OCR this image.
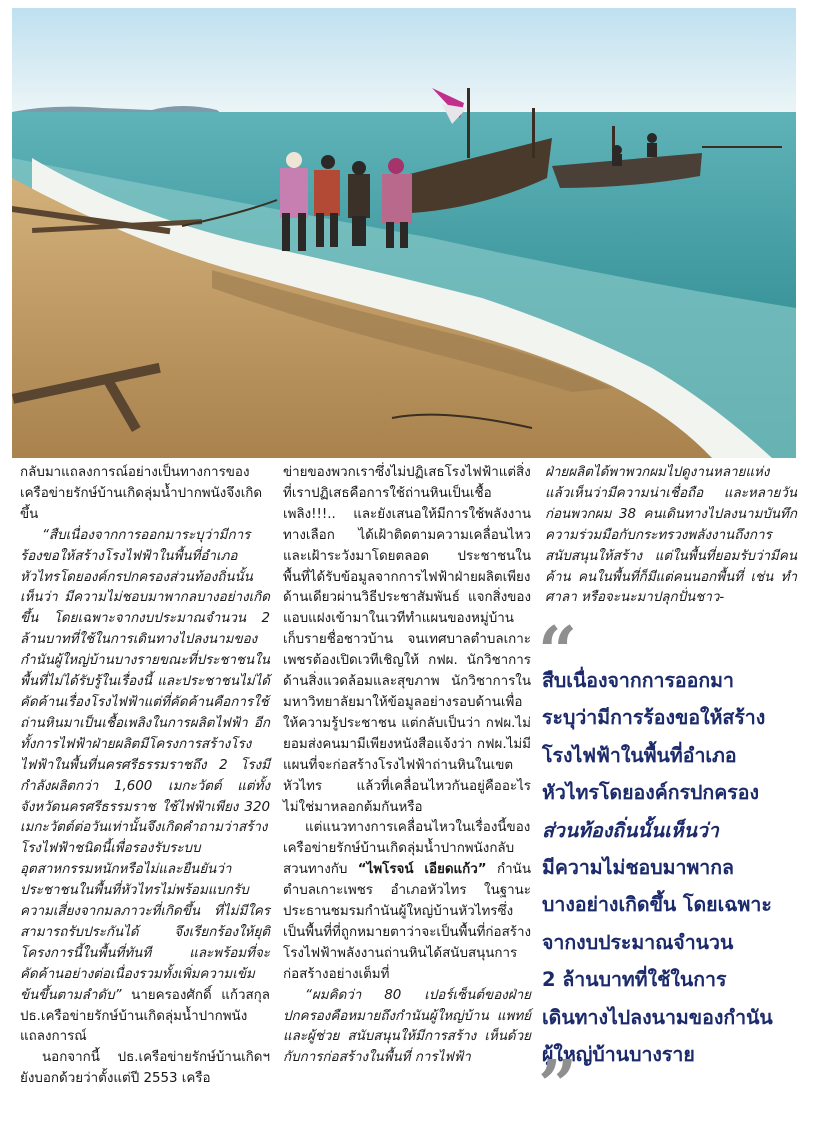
กลับมาแถลงการณ์อย่างเป็นทางการของเครือข่ายรักษ์บ้านเกิดลุ่มน้ำปากพนังจึงเกิดขึ้น

“สืบเนื่องจากการออกมาระบุว่ามีการร้องขอให้สร้างโรงไฟฟ้าในพื้นที่อำเภอหัวไทรโดยองค์กรปกครองส่วนท้องถิ่นนั้นเห็นว่า มีความไม่ชอบมาพากลบางอย่างเกิดขึ้น โดยเฉพาะจากงบประมาณจำนวน 2 ล้านบาทที่ใช้ในการเดินทางไปลงนามของกำนันผู้ใหญ่บ้านบางรายขณะที่ประชาชนในพื้นที่ไม่ได้รับรู้ในเรื่องนี้ และประชาชนไม่ได้คัดค้านเรื่องโรงไฟฟ้าแต่ที่คัดค้านคือการใช้ถ่านหินมาเป็นเชื้อเพลิงในการผลิตไฟฟ้า อีกทั้งการไฟฟ้าฝ่ายผลิตมีโครงการสร้างโรงไฟฟ้าในพื้นที่นครศรีธรรมราชถึง 2 โรงมีกำลังผลิตกว่า 1,600 เมกะวัตต์ แต่ทั้งจังหวัดนครศรีธรรมราช ใช้ไฟฟ้าเพียง 320 เมกะวัตต์ต่อวันเท่านั้นจึงเกิดคำถามว่าสร้างโรงไฟฟ้าชนิดนี้เพื่อรองรับระบบอุตสาหกรรมหนักหรือไม่และยืนยันว่าประชาชนในพื้นที่หัวไทรไม่พร้อมแบกรับความเสี่ยงจากมลภาวะที่เกิดขึ้น ที่ไม่มีใครสามารถรับประกันได้ จึงเรียกร้องให้ยุติโครงการนี้ในพื้นที่ทันที และพร้อมที่จะคัดค้านอย่างต่อเนื่องรวมทั้งเพิ่มความเข้มข้นขึ้นตามลำดับ” นายครองศักดิ์ แก้วสกุล ปธ.เครือข่ายรักษ์บ้านเกิดลุ่มน้ำปากพนังแถลงการณ์

นอกจากนี้ ปธ.เครือข่ายรักษ์บ้านเกิดฯ ยังบอกด้วยว่าตั้งแต่ปี 2553 เครือ

ข่ายของพวกเราซึ่งไม่ปฏิเสธโรงไฟฟ้าแต่สิ่งที่เราปฏิเสธคือการใช้ถ่านหินเป็นเชื้อเพลิง!!!.. และยังเสนอให้มีการใช้พลังงานทางเลือก ได้เฝ้าติดตามความเคลื่อนไหวและเฝ้าระวังมาโดยตลอด ประชาชนในพื้นที่ได้รับข้อมูลจากการไฟฟ้าฝ่ายผลิตเพียงด้านเดียวผ่านวิธีประชาสัมพันธ์ แจกสิ่งของแอบแฝงเข้ามาในเวทีทำแผนของหมู่บ้านเก็บรายชื่อชาวบ้าน จนเทศบาลตำบลเกาะเพชรต้องเปิดเวทีเชิญให้ กฟผ. นักวิชาการด้านสิ่งแวดล้อมและสุขภาพ นักวิชาการในมหาวิทยาลัยมาให้ข้อมูลอย่างรอบด้านเพื่อให้ความรู้ประชาชน แต่กลับเป็นว่า กฟผ.ไม่ยอมส่งคนมามีเพียงหนังสือแจ้งว่า กฟผ.ไม่มีแผนที่จะก่อสร้างโรงไฟฟ้าถ่านหินในเขตหัวไทร แล้วที่เคลื่อนไหวกันอยู่คืออะไรไม่ใช่มาหลอกต้มกันหรือ

แต่แนวทางการเคลื่อนไหวในเรื่องนี้ของเครือข่ายรักษ์บ้านเกิดลุ่มน้ำปากพนังกลับสวนทางกับ “ไพโรจน์ เอียดแก้ว” กำนันตำบลเกาะเพชร อำเภอหัวไทร ในฐานะประธานชมรมกำนันผู้ใหญ่บ้านหัวไทรซึ่งเป็นพื้นที่ที่ถูกหมายตาว่าจะเป็นพื้นที่ก่อสร้างโรงไฟฟ้าพลังงานถ่านหินได้สนับสนุนการก่อสร้างอย่างเต็มที่

“ผมคิดว่า 80 เปอร์เซ็นต์ของฝ่ายปกครองคือหมายถึงกำนันผู้ใหญ่บ้าน แพทย์และผู้ช่วย สนับสนุนให้มีการสร้าง เห็นด้วยกับการก่อสร้างในพื้นที่ การไฟฟ้า

ฝ่ายผลิตได้พาพวกผมไปดูงานหลายแห่ง แล้วเห็นว่ามีความน่าเชื่อถือ และหลายวันก่อนพวกผม 38 คนเดินทางไปลงนามบันทึกความร่วมมือกับกระทรวงพลังงานถึงการสนับสนุนให้สร้าง แต่ในพื้นที่ยอมรับว่ามีคนค้าน คนในพื้นที่ก็มีแต่คนนอกพื้นที่ เช่น ทำศาลา หรือจะนะมาปลุกปั่นชาว-

“
สืบเนื่องจากการออกมา
ระบุว่ามีการร้องขอให้สร้าง
โรงไฟฟ้าในพื้นที่อำเภอ
หัวไทรโดยองค์กรปกครอง
ส่วนท้องถิ่นนั้นเห็นว่า
มีความไม่ชอบมาพากล
บางอย่างเกิดขึ้น โดยเฉพาะ
จากงบประมาณจำนวน
2 ล้านบาทที่ใช้ในการ
เดินทางไปลงนามของกำนัน
ผู้ใหญ่บ้านบางราย
”
